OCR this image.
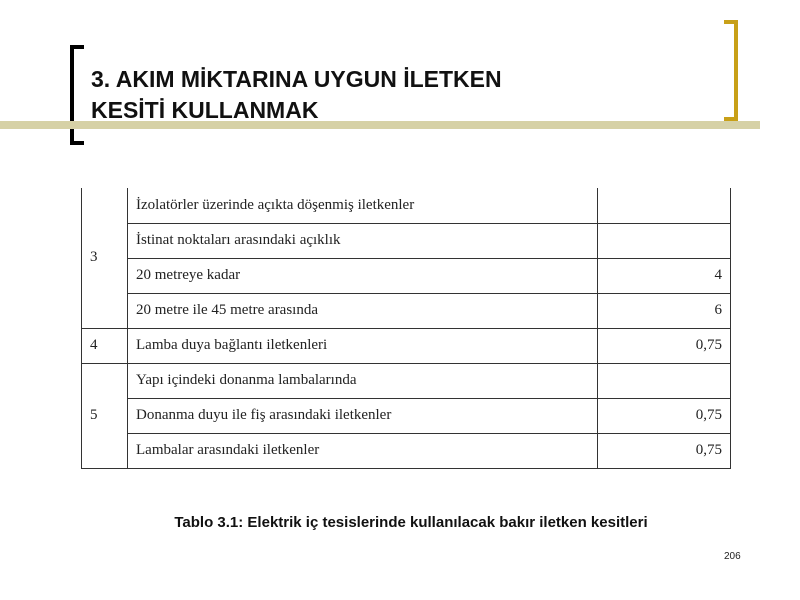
3. AKIM MİKTARINA UYGUN İLETKEN
KESİTİ KULLANMAK
3	İzolatörler üzerinde açıkta döşenmiş iletkenler	
	İstinat noktaları arasındaki açıklık	
	20 metreye kadar	4
	20 metre ile 45 metre arasında	6
4	Lamba duya bağlantı iletkenleri	0,75
5	Yapı içindeki donanma lambalarında	
	Donanma duyu ile fiş arasındaki iletkenler	0,75
	Lambalar arasındaki iletkenler	0,75

Tablo 3.1: Elektrik iç tesislerinde kullanılacak bakır iletken kesitleri

206
